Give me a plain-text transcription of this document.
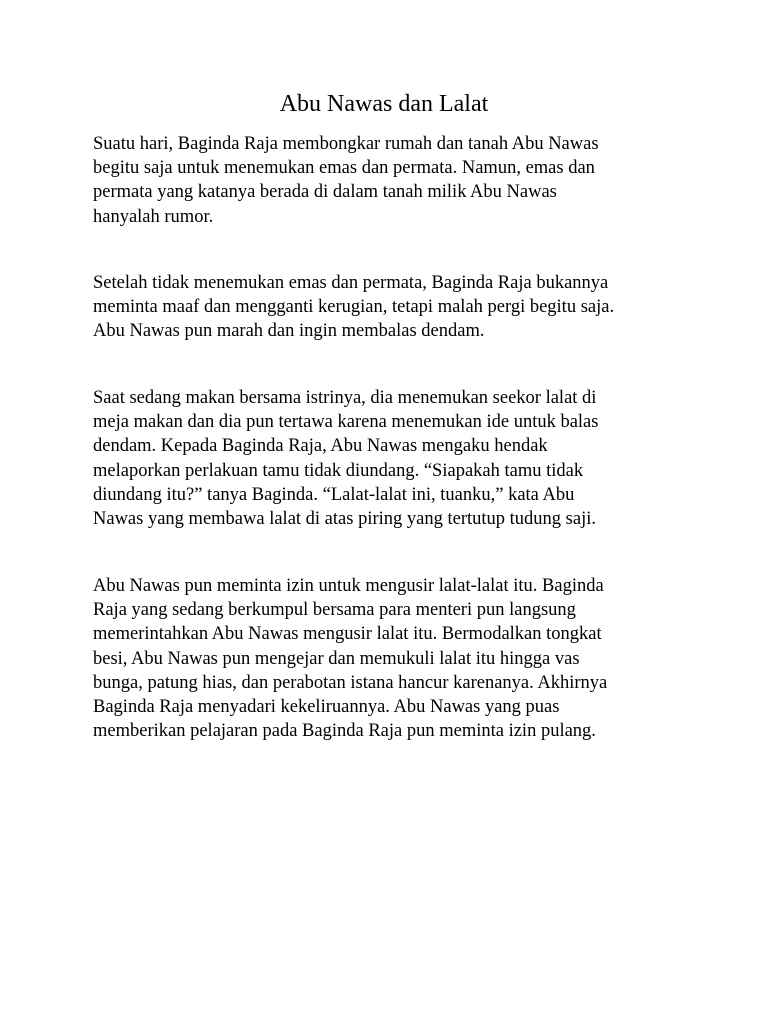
Abu Nawas dan Lalat

Suatu hari, Baginda Raja membongkar rumah dan tanah Abu Nawas
begitu saja untuk menemukan emas dan permata. Namun, emas dan
permata yang katanya berada di dalam tanah milik Abu Nawas
hanyalah rumor.

Setelah tidak menemukan emas dan permata, Baginda Raja bukannya
meminta maaf dan mengganti kerugian, tetapi malah pergi begitu saja.
Abu Nawas pun marah dan ingin membalas dendam.

Saat sedang makan bersama istrinya, dia menemukan seekor lalat di
meja makan dan dia pun tertawa karena menemukan ide untuk balas
dendam. Kepada Baginda Raja, Abu Nawas mengaku hendak
melaporkan perlakuan tamu tidak diundang. “Siapakah tamu tidak
diundang itu?” tanya Baginda. “Lalat-lalat ini, tuanku,” kata Abu
Nawas yang membawa lalat di atas piring yang tertutup tudung saji.

Abu Nawas pun meminta izin untuk mengusir lalat-lalat itu. Baginda
Raja yang sedang berkumpul bersama para menteri pun langsung
memerintahkan Abu Nawas mengusir lalat itu. Bermodalkan tongkat
besi, Abu Nawas pun mengejar dan memukuli lalat itu hingga vas
bunga, patung hias, dan perabotan istana hancur karenanya. Akhirnya
Baginda Raja menyadari kekeliruannya. Abu Nawas yang puas
memberikan pelajaran pada Baginda Raja pun meminta izin pulang.
